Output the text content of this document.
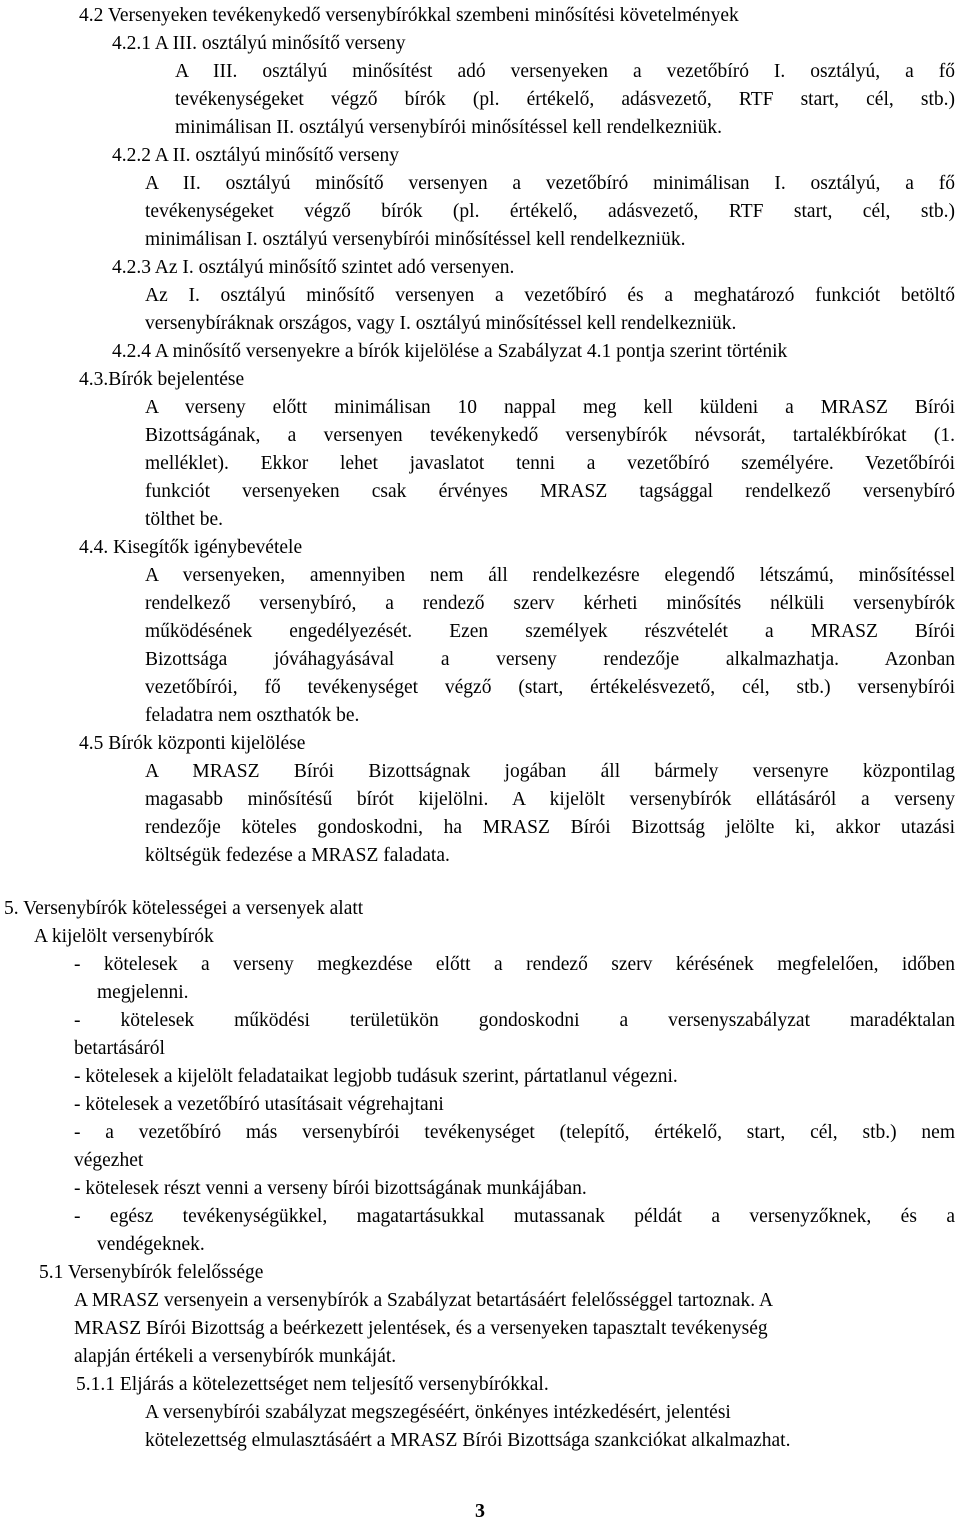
3
4.2 Versenyeken tevékenykedő versenybírókkal szembeni minősítési követelmények
4.2.1 A III. osztályú minősítő verseny
A III. osztályú minősítést adó versenyeken a vezetőbíró I. osztályú, a fő
tevékenységeket végző bírók (pl. értékelő, adásvezető, RTF start, cél, stb.)
minimálisan II. osztályú versenybírói minősítéssel kell rendelkezniük.
4.2.2 A II. osztályú minősítő verseny
A II. osztályú minősítő versenyen a vezetőbíró minimálisan I. osztályú, a fő
tevékenységeket végző bírók (pl. értékelő, adásvezető, RTF start, cél, stb.)
minimálisan I. osztályú versenybírói minősítéssel kell rendelkezniük.
4.2.3 Az I. osztályú minősítő szintet adó versenyen.
Az I. osztályú minősítő versenyen a vezetőbíró és a meghatározó funkciót betöltő
versenybíráknak országos, vagy I. osztályú minősítéssel kell rendelkezniük.
4.2.4 A minősítő versenyekre a bírók kijelölése a Szabályzat 4.1 pontja szerint történik
4.3.Bírók bejelentése
A verseny előtt minimálisan 10 nappal meg kell küldeni a MRASZ Bírói
Bizottságának, a versenyen tevékenykedő versenybírók névsorát, tartalékbírókat (1.
melléklet). Ekkor lehet javaslatot tenni a vezetőbíró személyére. Vezetőbírói
funkciót versenyeken csak érvényes MRASZ tagsággal rendelkező versenybíró
tölthet be.
4.4. Kisegítők igénybevétele
A versenyeken, amennyiben nem áll rendelkezésre elegendő létszámú, minősítéssel
rendelkező versenybíró, a rendező szerv kérheti minősítés nélküli versenybírók
működésének engedélyezését. Ezen személyek részvételét a MRASZ Bírói
Bizottsága jóváhagyásával a verseny rendezője alkalmazhatja. Azonban
vezetőbírói, fő tevékenységet végző (start, értékelésvezető, cél, stb.) versenybírói
feladatra nem oszthatók be.
4.5 Bírók központi kijelölése
A MRASZ Bírói Bizottságnak jogában áll bármely versenyre központilag
magasabb minősítésű bírót kijelölni. A kijelölt versenybírók ellátásáról a verseny
rendezője köteles gondoskodni, ha MRASZ Bírói Bizottság jelölte ki, akkor utazási
költségük fedezése a MRASZ faladata.
5. Versenybírók kötelességei a versenyek alatt
A kijelölt versenybírók
- kötelesek a verseny megkezdése előtt a rendező szerv kérésének megfelelően, időben
megjelenni.
- kötelesek működési területükön gondoskodni a versenyszabályzat maradéktalan
betartásáról
- kötelesek a kijelölt feladataikat legjobb tudásuk szerint, pártatlanul végezni.
- kötelesek a vezetőbíró utasításait végrehajtani
- a vezetőbíró más versenybírói tevékenységet (telepítő, értékelő, start, cél, stb.) nem
végezhet
- kötelesek részt venni a verseny bírói bizottságának munkájában.
- egész tevékenységükkel, magatartásukkal mutassanak példát a versenyzőknek, és a
vendégeknek.
5.1 Versenybírók felelőssége
A MRASZ versenyein a versenybírók a Szabályzat betartásáért felelősséggel tartoznak. A
MRASZ Bírói Bizottság a beérkezett jelentések, és a versenyeken tapasztalt tevékenység
alapján értékeli a versenybírók munkáját.
5.1.1 Eljárás a kötelezettséget nem teljesítő versenybírókkal.
A versenybírói szabályzat megszegéséért, önkényes intézkedésért, jelentési
kötelezettség elmulasztásáért a MRASZ Bírói Bizottsága szankciókat alkalmazhat.
